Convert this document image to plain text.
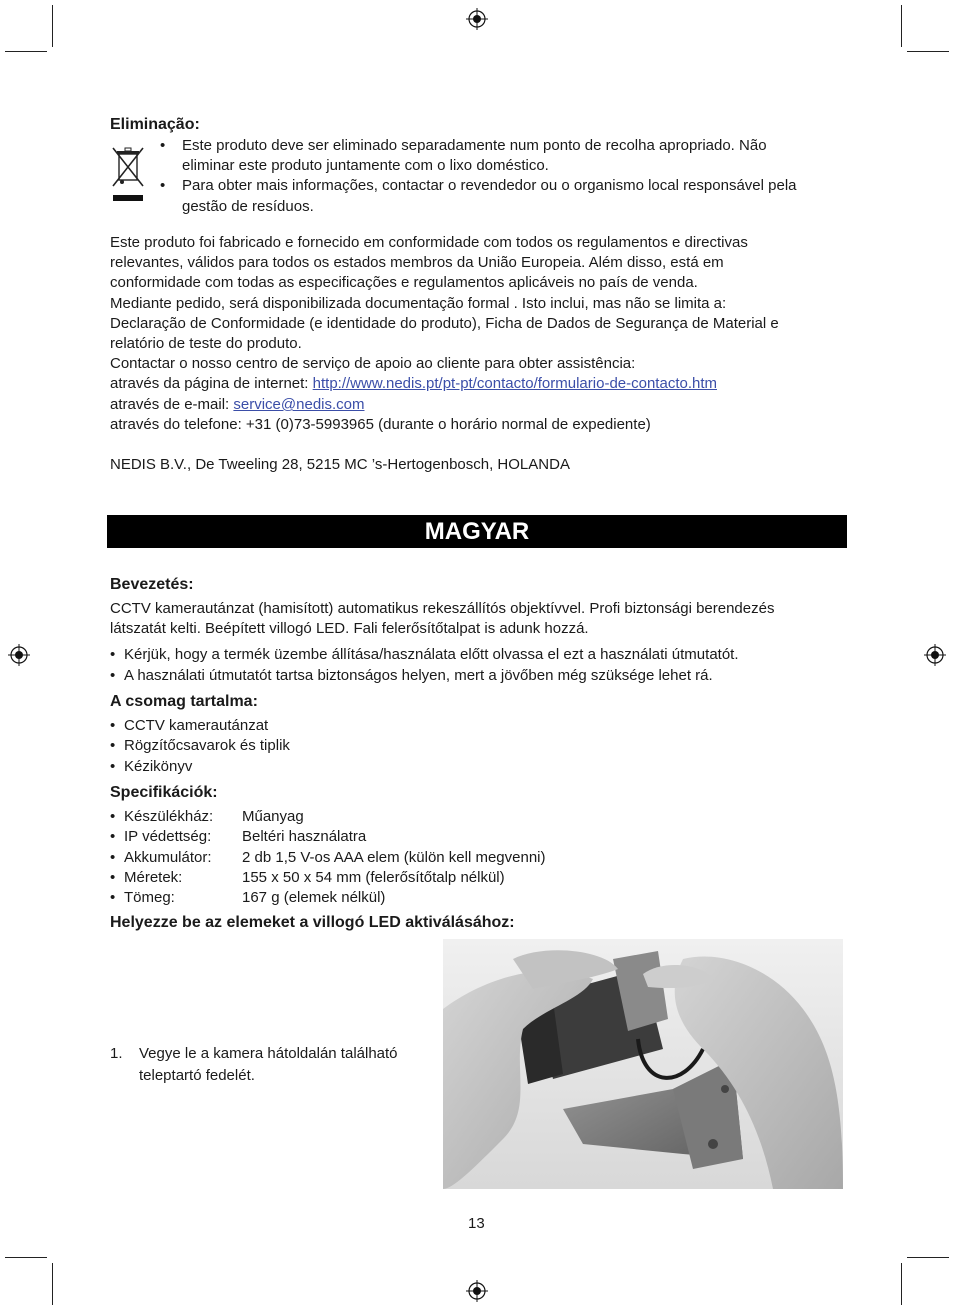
Eliminação:
• Este produto deve ser eliminado separadamente num ponto de recolha apropriado. Não
eliminar este produto juntamente com o lixo doméstico.
• Para obter mais informações, contactar o revendedor ou o organismo local responsável pela
gestão de resíduos.
Este produto foi fabricado e fornecido em conformidade com todos os regulamentos e directivas
relevantes, válidos para todos os estados membros da União Europeia. Além disso, está em
conformidade com todas as especificações e regulamentos aplicáveis no país de venda.
Mediante pedido, será disponibilizada documentação formal . Isto inclui, mas não se limita a:
Declaração de Conformidade (e identidade do produto), Ficha de Dados de Segurança de Material e
relatório de teste do produto.
Contactar o nosso centro de serviço de apoio ao cliente para obter assistência:
através da página de internet: http://www.nedis.pt/pt-pt/contacto/formulario-de-contacto.htm
através de e-mail: service@nedis.com
através do telefone: +31 (0)73-5993965 (durante o horário normal de expediente)
NEDIS B.V., De Tweeling 28, 5215 MC ’s-Hertogenbosch, HOLANDA
MAGYAR
Bevezetés:
CCTV kamerautánzat (hamisított) automatikus rekeszállítós objektívvel. Profi biztonsági berendezés
látszatát kelti. Beépített villogó LED. Fali felerősítőtalpat is adunk hozzá.
• Kérjük, hogy a termék üzembe állítása/használata előtt olvassa el ezt a használati útmutatót.
• A használati útmutatót tartsa biztonságos helyen, mert a jövőben még szüksége lehet rá.
A csomag tartalma:
• CCTV kamerautánzat
• Rögzítőcsavarok és tiplik
• Kézikönyv
Specifikációk:
• Készülékház: Műanyag
• IP védettség: Beltéri használatra
• Akkumulátor: 2 db 1,5 V-os AAA elem (külön kell megvenni)
• Méretek:	155 x 50 x 54 mm (felerősítőtalp nélkül)
• Tömeg:	167 g (elemek nélkül)
Helyezze be az elemeket a villogó LED aktiválásához:
1. Vegye le a kamera hátoldalán található
teleptartó fedelét.
13
